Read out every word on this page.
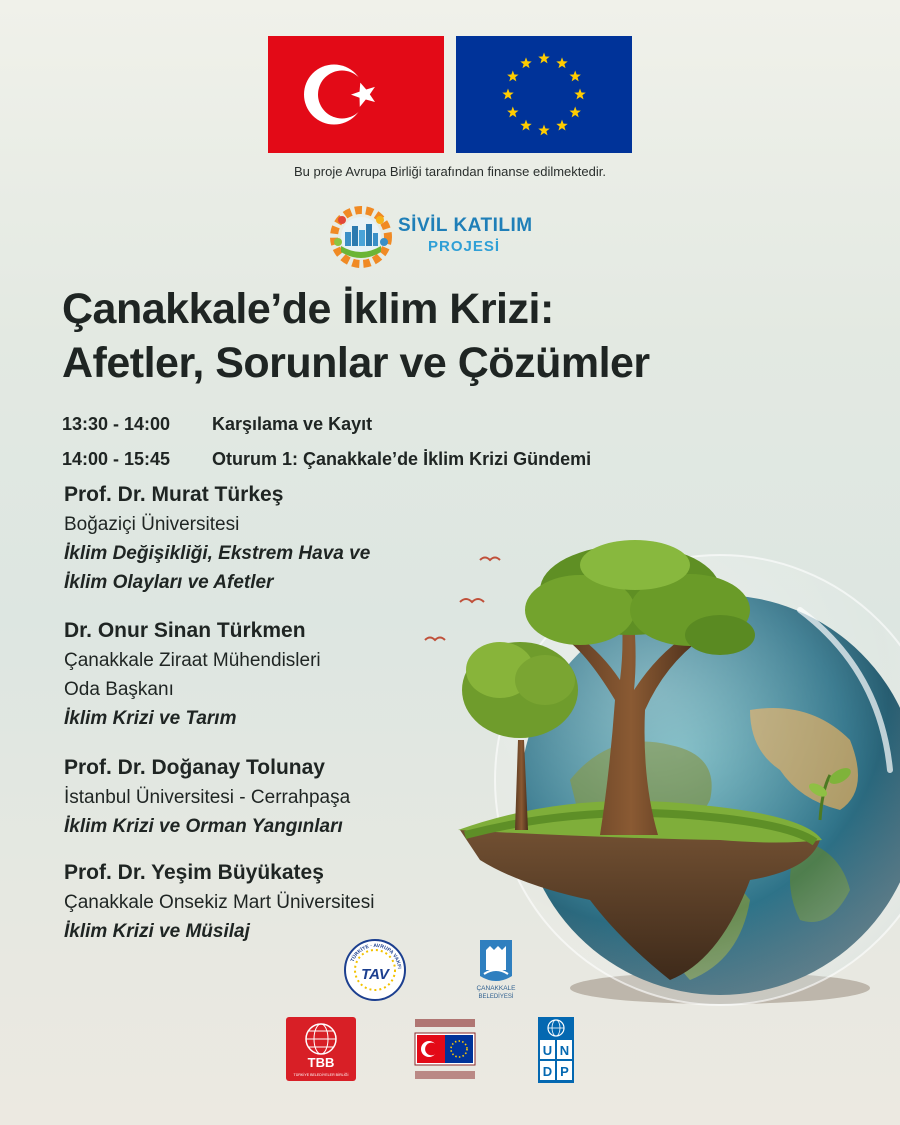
Bu proje Avrupa Birliği tarafından finanse edilmektedir.
SİVİL KATILIM
PROJESİ
Çanakkale’de İklim Krizi:
Afetler, Sorunlar ve Çözümler
13:30 - 14:00 Karşılama ve Kayıt
14:00 - 15:45 Oturum 1: Çanakkale’de İklim Krizi Gündemi
Prof. Dr. Murat Türkeş
Boğaziçi Üniversitesi
İklim Değişikliği, Ekstrem Hava ve
İklim Olayları ve Afetler
Dr. Onur Sinan Türkmen
Çanakkale Ziraat Mühendisleri
Oda Başkanı
İklim Krizi ve Tarım
Prof. Dr. Doğanay Tolunay
İstanbul Üniversitesi - Cerrahpaşa
İklim Krizi ve Orman Yangınları
Prof. Dr. Yeşim Büyükateş
Çanakkale Onsekiz Mart Üniversitesi
İklim Krizi ve Müsilaj
TÜRKİYE · AVRUPA VAKFI
TAV
ÇANAKKALE
BELEDİYESİ
TBB
TÜRKİYE BELEDİYELER BİRLİĞİ
U N
D P
